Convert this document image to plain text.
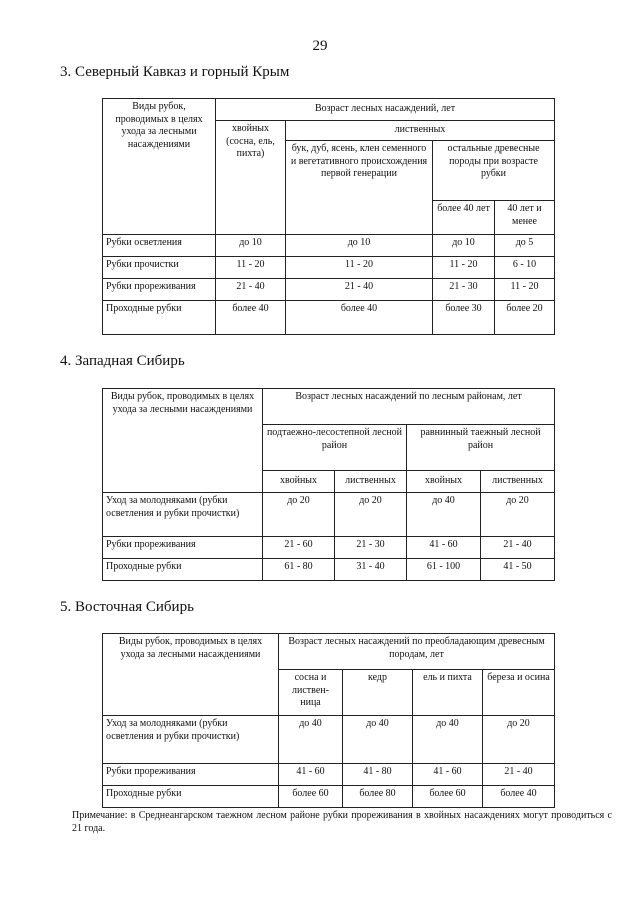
29
3. Северный Кавказ и горный Крым
Виды рубок, проводимых в целях ухода за лесными насаждениями	Возраст лесных насаждений, лет			
	хвойных (сосна, ель, пихта)	лиственных		
		бук, дуб, ясень, клен семенного и вегетативного происхождения первой генерации	остальные древесные породы при возрасте рубки	
			более 40 лет	40 лет и менее
Рубки осветления	до 10	до 10	до 10	до 5
Рубки прочистки	11 - 20	11 - 20	11 - 20	6 - 10
Рубки прореживания	21 - 40	21 - 40	21 - 30	11 - 20
Проходные рубки	более 40	более 40	более 30	более 20
4. Западная Сибирь
Виды рубок, проводимых в целях ухода за лесными насаждениями	Возраст лесных насаждений по лесным районам, лет			
	подтаежно-лесостепной лесной район		равнинный таежный лесной район	
	хвойных	лиственных	хвойных	лиственных
Уход за молодняками (рубки осветления и рубки прочистки)	до 20	до 20	до 40	до 20
Рубки прореживания	21 - 60	21 - 30	41 - 60	21 - 40
Проходные рубки	61 - 80	31 - 40	61 - 100	41 - 50
5. Восточная Сибирь
Виды рубок, проводимых в целях ухода за лесными насаждениями	Возраст лесных насаждений по преобладающим древесным породам, лет			
	сосна и листвен-ница	кедр	ель и пихта	береза и осина
Уход за молодняками (рубки осветления и рубки прочистки)	до 40	до 40	до 40	до 20
Рубки прореживания	41 - 60	41 - 80	41 - 60	21 - 40
Проходные рубки	более 60	более 80	более 60	более 40
Примечание: в Среднеангарском таежном лесном районе рубки прореживания в хвойных насаждениях могут проводиться с 21 года.
